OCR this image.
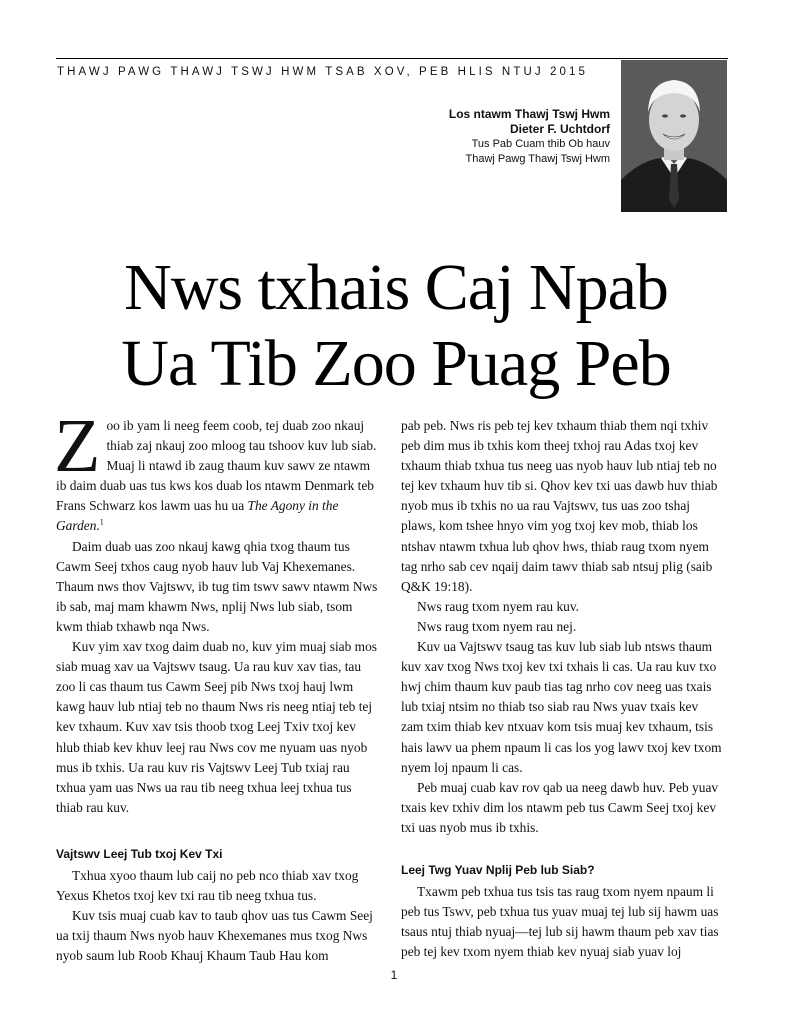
THAWJ PAWG THAWJ TSWJ HWM TSAB XOV, PEB HLIS NTUJ 2015
Los ntawm Thawj Tswj Hwm
Dieter F. Uchtdorf
Tus Pab Cuam thib Ob hauv
Thawj Pawg Thawj Tswj Hwm
Nws txhais Caj Npab
Ua Tib Zoo Puag Peb

Zoo ib yam li neeg feem coob, tej duab zoo nkauj thiab zaj nkauj zoo mloog tau tshoov kuv lub siab. Muaj li ntawd ib zaug thaum kuv sawv ze ntawm ib daim duab uas tus kws kos duab los ntawm Denmark teb Frans Schwarz kos lawm uas hu ua The Agony in the Garden.$^1$

Daim duab uas zoo nkauj kawg qhia txog thaum tus Cawm Seej txhos caug nyob hauv lub Vaj Khexemanes. Thaum nws thov Vajtswv, ib tug tim tswv sawv ntawm Nws ib sab, maj mam khawm Nws, nplij Nws lub siab, tsom kwm thiab txhawb nqa Nws.

Kuv yim xav txog daim duab no, kuv yim muaj siab mos siab muag xav ua Vajtswv tsaug. Ua rau kuv xav tias, tau zoo li cas thaum tus Cawm Seej pib Nws txoj hauj lwm kawg hauv lub ntiaj teb no thaum Nws ris neeg ntiaj teb tej kev txhaum. Kuv xav tsis thoob txog Leej Txiv txoj kev hlub thiab kev khuv leej rau Nws cov me nyuam uas nyob mus ib txhis. Ua rau kuv ris Vajtswv Leej Tub txiaj rau txhua yam uas Nws ua rau tib neeg txhua leej txhua tus thiab rau kuv.

Vajtswv Leej Tub txoj Kev Txi

Txhua xyoo thaum lub caij no peb nco thiab xav txog Yexus Khetos txoj kev txi rau tib neeg txhua tus.

Kuv tsis muaj cuab kav to taub qhov uas tus Cawm Seej ua txij thaum Nws nyob hauv Khexemanes mus txog Nws nyob saum lub Roob Khauj Khaum Taub Hau kom

pab peb. Nws ris peb tej kev txhaum thiab them nqi txhiv peb dim mus ib txhis kom theej txhoj rau Adas txoj kev txhaum thiab txhua tus neeg uas nyob hauv lub ntiaj teb no tej kev txhaum huv tib si. Qhov kev txi uas dawb huv thiab nyob mus ib txhis no ua rau Vajtswv, tus uas zoo tshaj plaws, kom tshee hnyo vim yog txoj kev mob, thiab los ntshav ntawm txhua lub qhov hws, thiab raug txom nyem tag nrho sab cev nqaij daim tawv thiab sab ntsuj plig (saib Q&K 19:18).

Nws raug txom nyem rau kuv.

Nws raug txom nyem rau nej.

Kuv ua Vajtswv tsaug tas kuv lub siab lub ntsws thaum kuv xav txog Nws txoj kev txi txhais li cas. Ua rau kuv txo hwj chim thaum kuv paub tias tag nrho cov neeg uas txais lub txiaj ntsim no thiab tso siab rau Nws yuav txais kev zam txim thiab kev ntxuav kom tsis muaj kev txhaum, tsis hais lawv ua phem npaum li cas los yog lawv txoj kev txom nyem loj npaum li cas.

Peb muaj cuab kav rov qab ua neeg dawb huv. Peb yuav txais kev txhiv dim los ntawm peb tus Cawm Seej txoj kev txi uas nyob mus ib txhis.

Leej Twg Yuav Nplij Peb lub Siab?

Txawm peb txhua tus tsis tas raug txom nyem npaum li peb tus Tswv, peb txhua tus yuav muaj tej lub sij hawm uas tsaus ntuj thiab nyuaj—tej lub sij hawm thaum peb xav tias peb tej kev txom nyem thiab kev nyuaj siab yuav loj

1
